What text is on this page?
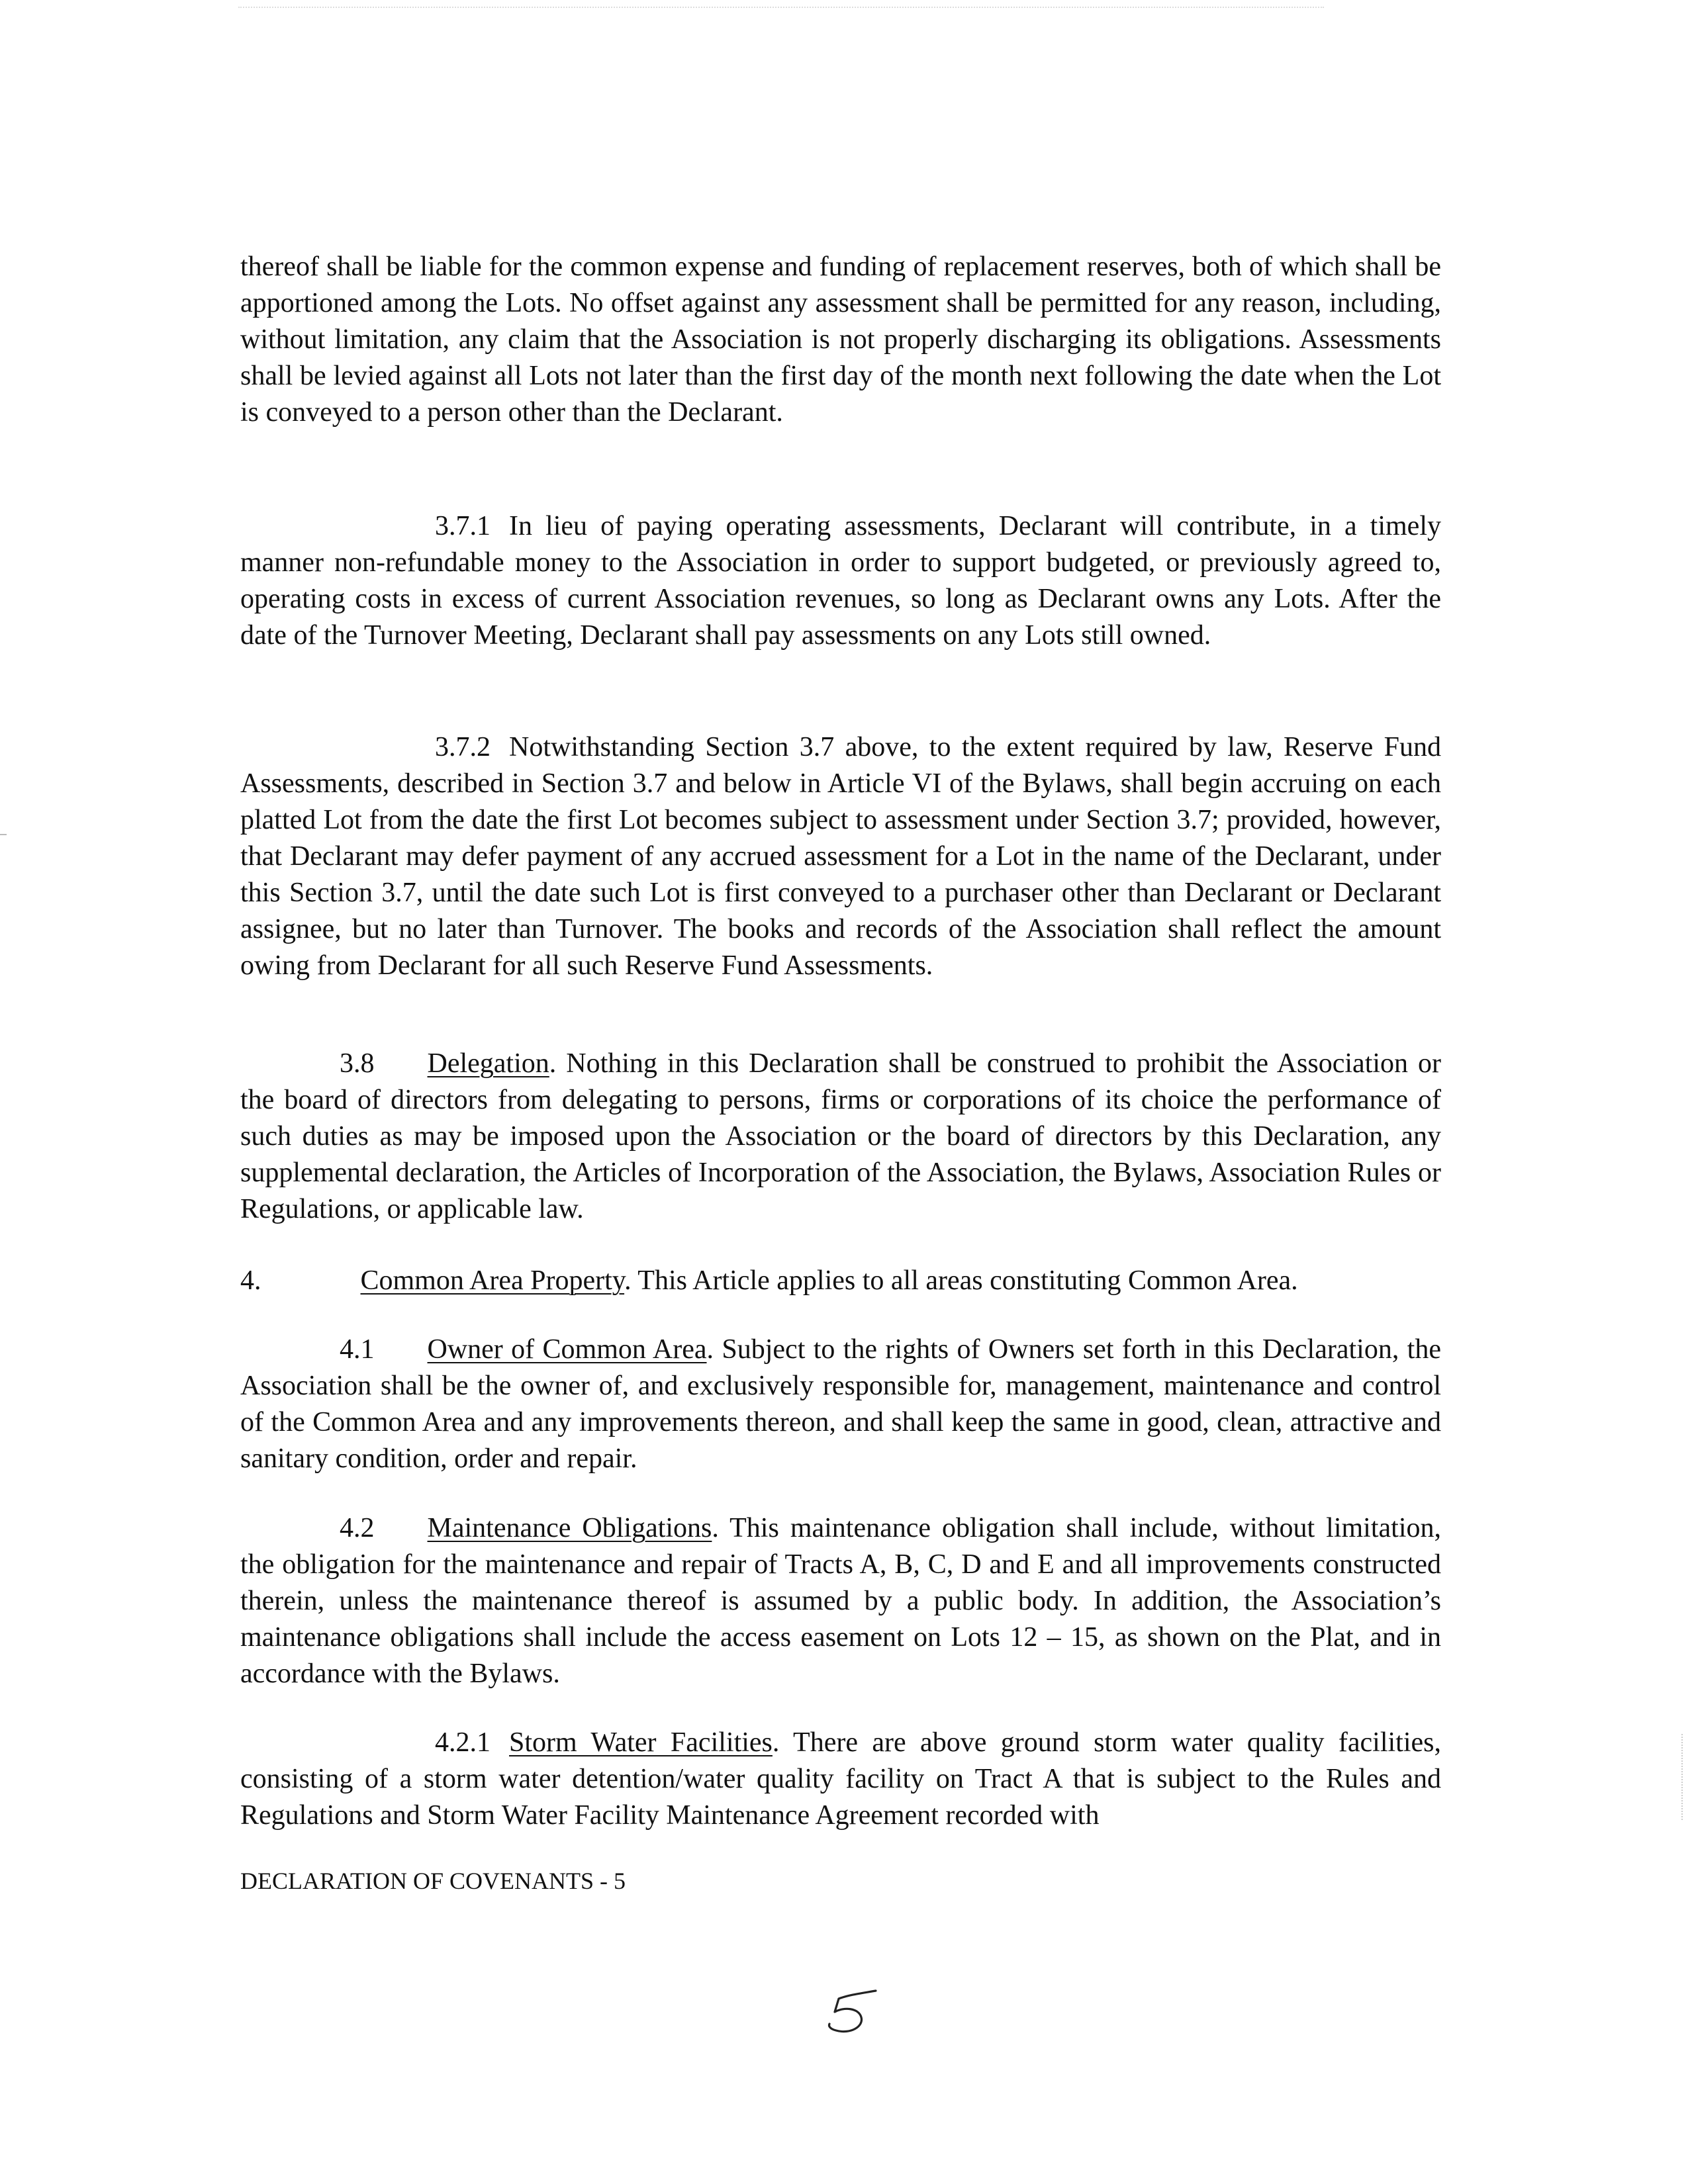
thereof shall be liable for the common expense and funding of replacement reserves, both of which shall be apportioned among the Lots. No offset against any assessment shall be permitted for any reason, including, without limitation, any claim that the Association is not properly discharging its obligations. Assessments shall be levied against all Lots not later than the first day of the month next following the date when the Lot is conveyed to a person other than the Declarant.

3.7.1 In lieu of paying operating assessments, Declarant will contribute, in a timely manner non-refundable money to the Association in order to support budgeted, or previously agreed to, operating costs in excess of current Association revenues, so long as Declarant owns any Lots. After the date of the Turnover Meeting, Declarant shall pay assessments on any Lots still owned.

3.7.2 Notwithstanding Section 3.7 above, to the extent required by law, Reserve Fund Assessments, described in Section 3.7 and below in Article VI of the Bylaws, shall begin accruing on each platted Lot from the date the first Lot becomes subject to assessment under Section 3.7; provided, however, that Declarant may defer payment of any accrued assessment for a Lot in the name of the Declarant, under this Section 3.7, until the date such Lot is first conveyed to a purchaser other than Declarant or Declarant assignee, but no later than Turnover. The books and records of the Association shall reflect the amount owing from Declarant for all such Reserve Fund Assessments.

3.8 Delegation. Nothing in this Declaration shall be construed to prohibit the Association or the board of directors from delegating to persons, firms or corporations of its choice the performance of such duties as may be imposed upon the Association or the board of directors by this Declaration, any supplemental declaration, the Articles of Incorporation of the Association, the Bylaws, Association Rules or Regulations, or applicable law.

4.	Common Area Property. This Article applies to all areas constituting Common Area.

4.1 Owner of Common Area. Subject to the rights of Owners set forth in this Declaration, the Association shall be the owner of, and exclusively responsible for, management, maintenance and control of the Common Area and any improvements thereon, and shall keep the same in good, clean, attractive and sanitary condition, order and repair.

4.2 Maintenance Obligations. This maintenance obligation shall include, without limitation, the obligation for the maintenance and repair of Tracts A, B, C, D and E and all improvements constructed therein, unless the maintenance thereof is assumed by a public body. In addition, the Association’s maintenance obligations shall include the access easement on Lots 12 – 15, as shown on the Plat, and in accordance with the Bylaws.

4.2.1 Storm Water Facilities. There are above ground storm water quality facilities, consisting of a storm water detention/water quality facility on Tract A that is subject to the Rules and Regulations and Storm Water Facility Maintenance Agreement recorded with

DECLARATION OF COVENANTS - 5
